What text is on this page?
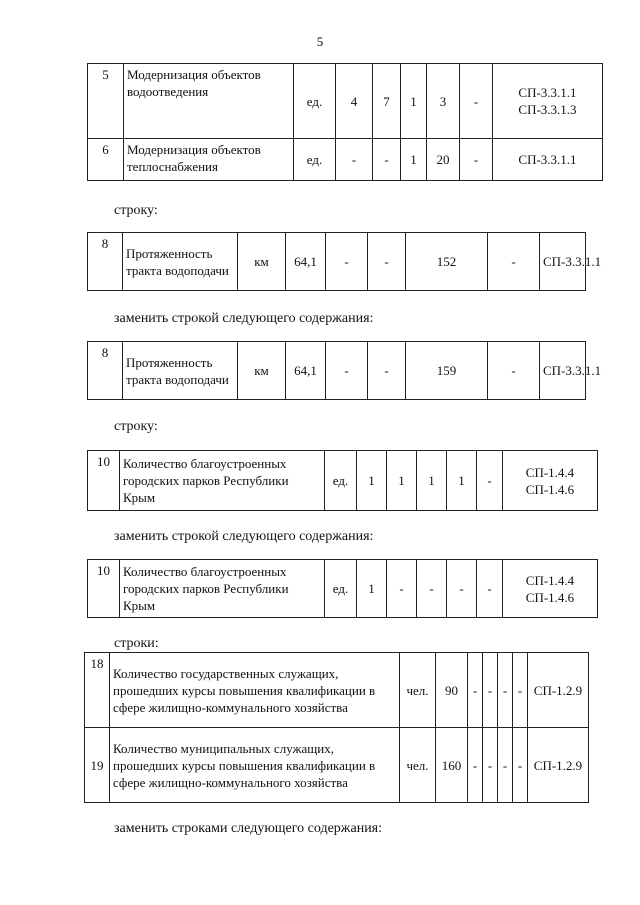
5
5	Модернизация объектов водоотведения	ед.	4	7	1	3	-	СП-3.3.1.1 СП-3.3.1.3
6	Модернизация объектов теплоснабжения	ед.	-	-	1	20	-	СП-3.3.1.1
строку:
8	Протяженность тракта водоподачи	км	64,1	-	-	152	-	СП-3.3.1.1
заменить строкой следующего содержания:
8	Протяженность тракта водоподачи	км	64,1	-	-	159	-	СП-3.3.1.1
строку:
10	Количество благоустроенных городских парков Республики Крым	ед.	1	1	1	1	-	СП-1.4.4 СП-1.4.6
заменить строкой следующего содержания:
10	Количество благоустроенных городских парков Республики Крым	ед.	1	-	-	-	-	СП-1.4.4 СП-1.4.6
строки:
18	Количество государственных служащих, прошедших курсы повышения квалификации в сфере жилищно-коммунального хозяйства	чел.	90	-	-	-	-	СП-1.2.9
19	Количество муниципальных служащих, прошедших курсы повышения квалификации в сфере жилищно-коммунального хозяйства	чел.	160	-	-	-	-	СП-1.2.9
заменить строками следующего содержания:
